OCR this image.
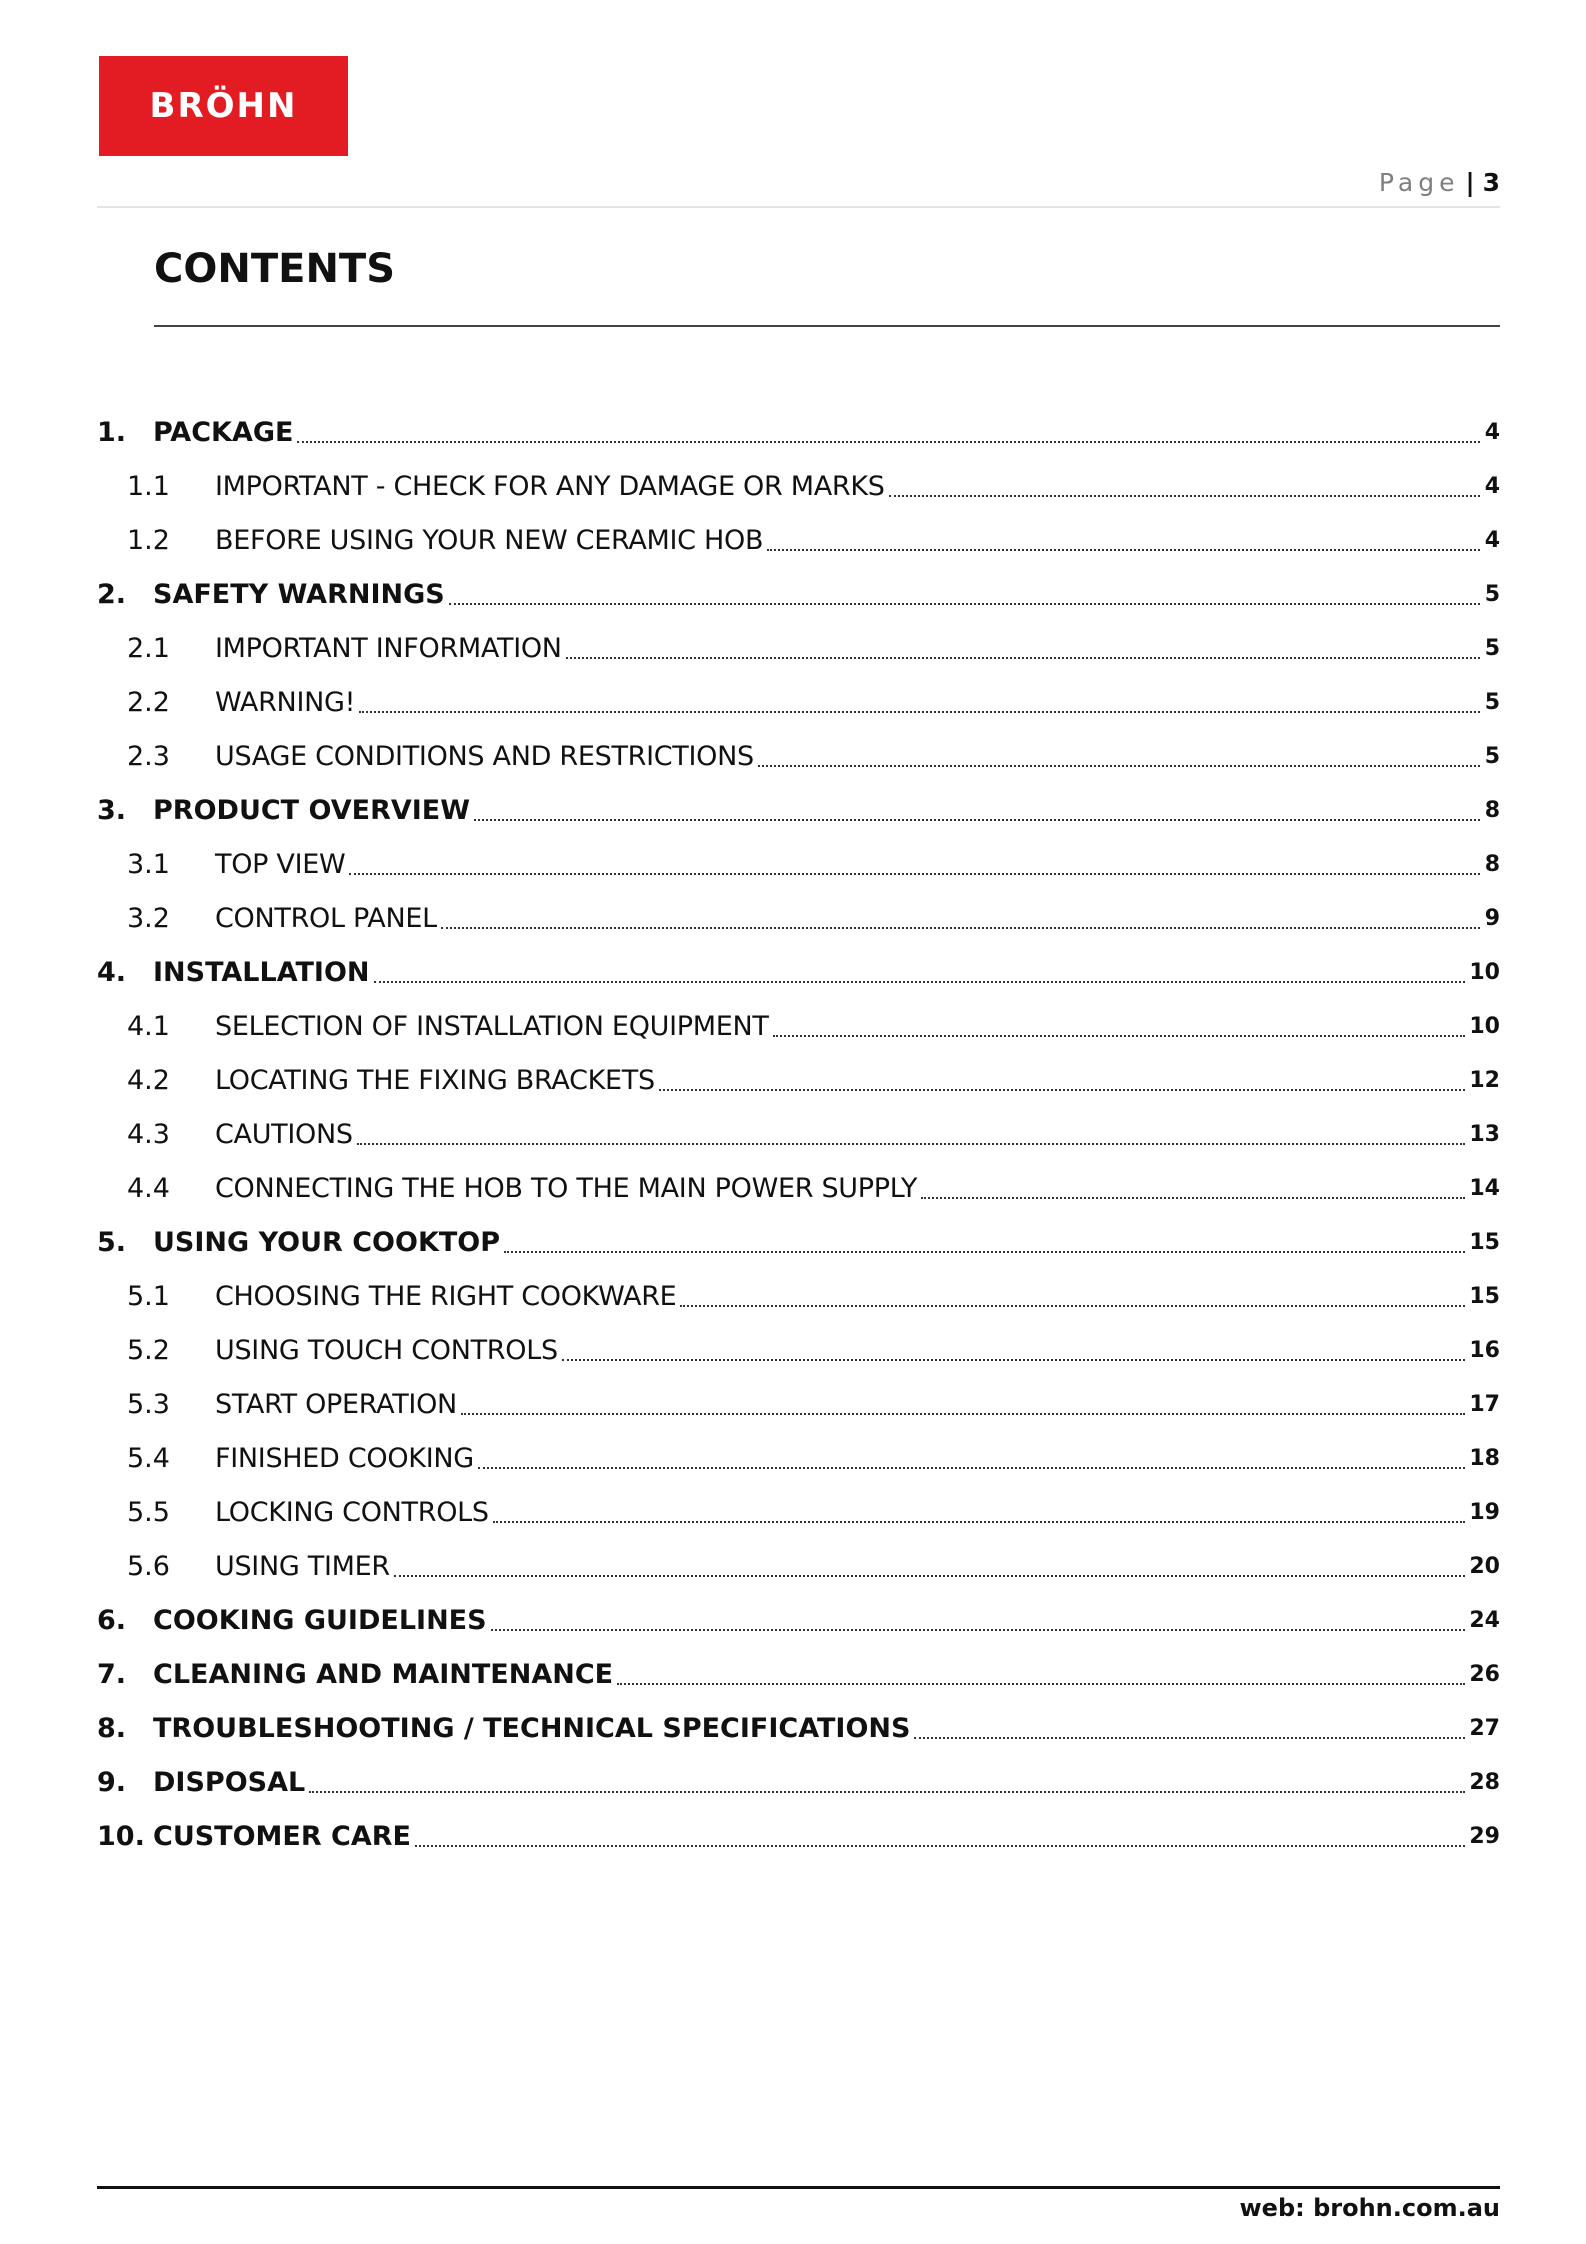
BRÖHN
Page | 3
CONTENTS
1. PACKAGE	4
1.1	IMPORTANT - CHECK FOR ANY DAMAGE OR MARKS	4
1.2	BEFORE USING YOUR NEW CERAMIC HOB	4
2. SAFETY WARNINGS	5
2.1	IMPORTANT INFORMATION	5
2.2	WARNING!	5
2.3	USAGE CONDITIONS AND RESTRICTIONS	5
3. PRODUCT OVERVIEW	8
3.1	TOP VIEW	8
3.2	CONTROL PANEL	9
4. INSTALLATION	10
4.1	SELECTION OF INSTALLATION EQUIPMENT	10
4.2	LOCATING THE FIXING BRACKETS	12
4.3	CAUTIONS	13
4.4	CONNECTING THE HOB TO THE MAIN POWER SUPPLY	14
5. USING YOUR COOKTOP	15
5.1	CHOOSING THE RIGHT COOKWARE	15
5.2	USING TOUCH CONTROLS	16
5.3	START OPERATION	17
5.4	FINISHED COOKING	18
5.5	LOCKING CONTROLS	19
5.6	USING TIMER	20
6. COOKING GUIDELINES	24
7. CLEANING AND MAINTENANCE	26
8. TROUBLESHOOTING / TECHNICAL SPECIFICATIONS	27
9. DISPOSAL	28
10. CUSTOMER CARE	29
web: brohn.com.au
